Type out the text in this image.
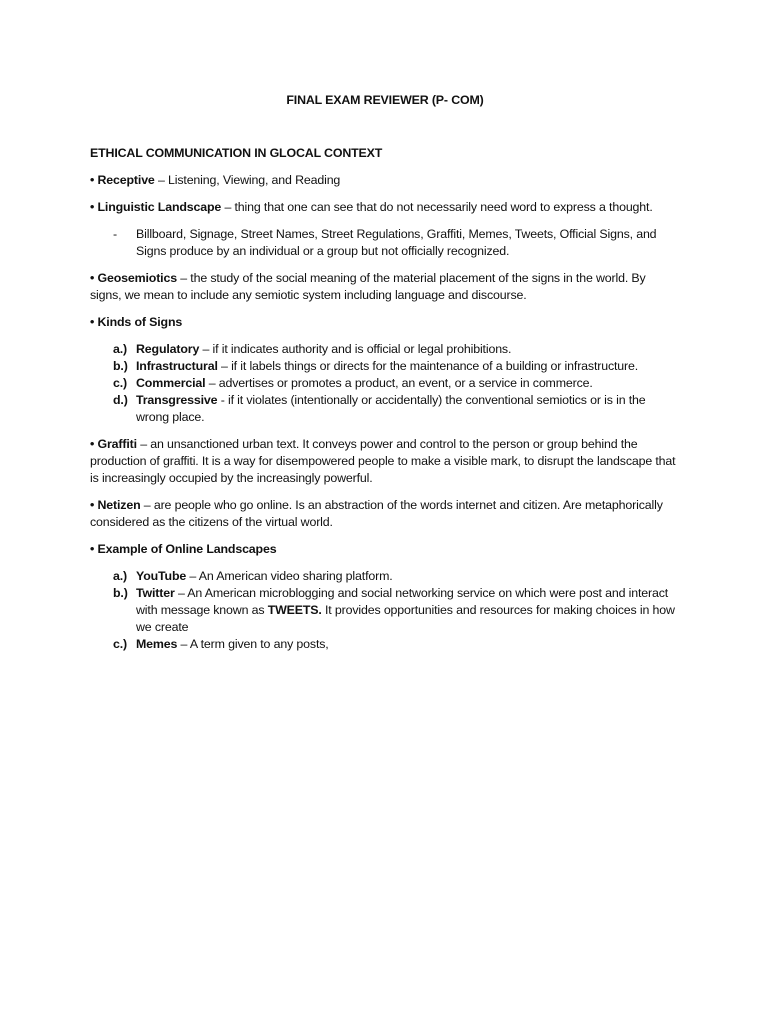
FINAL EXAM REVIEWER (P- COM)
ETHICAL COMMUNICATION IN GLOCAL CONTEXT

• Receptive – Listening, Viewing, and Reading

• Linguistic Landscape – thing that one can see that do not necessarily need word to express a thought.

- Billboard, Signage, Street Names, Street Regulations, Graffiti, Memes, Tweets, Official Signs, and Signs produce by an individual or a group but not officially recognized.

• Geosemiotics – the study of the social meaning of the material placement of the signs in the world. By signs, we mean to include any semiotic system including language and discourse.

• Kinds of Signs

a.) Regulatory – if it indicates authority and is official or legal prohibitions.
b.) Infrastructural – if it labels things or directs for the maintenance of a building or infrastructure.
c.) Commercial – advertises or promotes a product, an event, or a service in commerce.
d.) Transgressive - if it violates (intentionally or accidentally) the conventional semiotics or is in the wrong place.

• Graffiti – an unsanctioned urban text. It conveys power and control to the person or group behind the production of graffiti. It is a way for disempowered people to make a visible mark, to disrupt the landscape that is increasingly occupied by the increasingly powerful.

• Netizen – are people who go online. Is an abstraction of the words internet and citizen. Are metaphorically considered as the citizens of the virtual world.

• Example of Online Landscapes

a.) YouTube – An American video sharing platform.
b.) Twitter – An American microblogging and social networking service on which were post and interact with message known as TWEETS. It provides opportunities and resources for making choices in how we create
c.) Memes – A term given to any posts,
